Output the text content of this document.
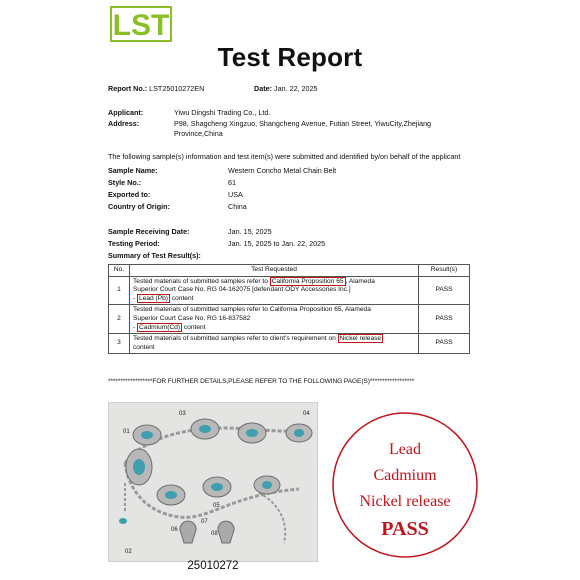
LST
Test Report
Report No.: LST25010272EN	Date: Jan. 22, 2025
Applicant:	Yiwu Dingshi Trading Co., Ltd.
Address:	P98, Shagcheng Xingzuo, Shangcheng Avenue, Futian Street, YiwuCity,Zhejiang
Province,China
The following sample(s) information and test item(s) were submitted and identified by/on behalf of the applicant
Sample Name:	Western Concho Metal Chain Belt
Style No.:	61
Exported to:	USA
Country of Origin:	China
Sample Receiving Date:	Jan. 15, 2025
Testing Period:	Jan. 15, 2025 to Jan. 22, 2025
Summary of Test Result(s):
No.	Test Requested	Result(s)
1	Tested materials of submitted samples refer to California Proposition 65 , Alameda
Superior Court Case No. RG 04-162075 [defendant ODY Accessories Inc.]
- Lead (Pb) content	PASS
2	Tested materials of submitted samples refer to California Proposition 65, Alameda
Superior Court Case No. RG 16-837582
- Cadmium(Cd) content	PASS
3	Tested materials of submitted samples refer to client's requirement on Nickel release
content	PASS
******************FOR FURTHER DETAILS,PLEASE REFER TO THE FOLLOWING PAGE(S)******************
01
02
03	04
05
06
07
08
25010272
Lead
Cadmium
Nickel release
PASS
